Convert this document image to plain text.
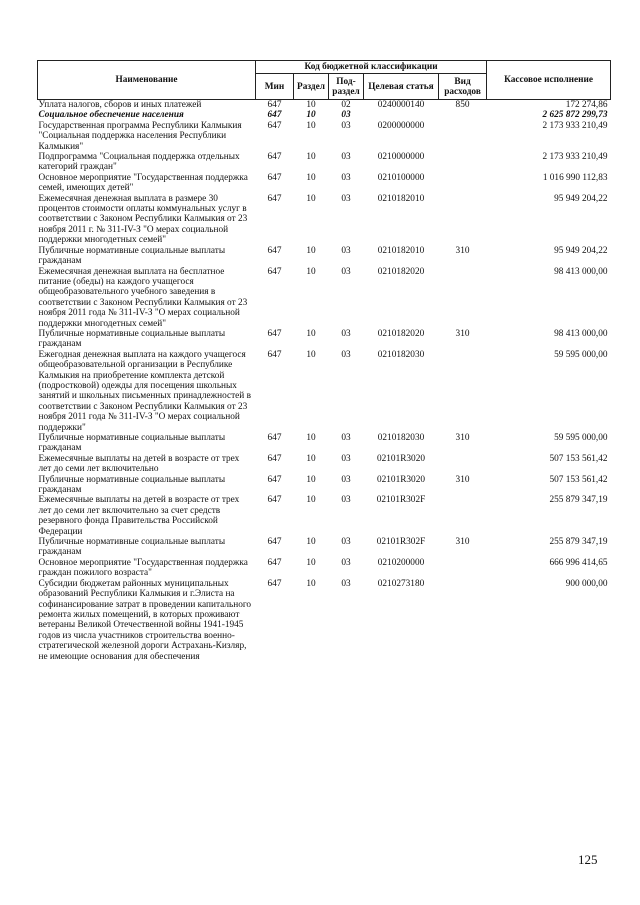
Наименование	Код бюджетной классификации					Кассовое исполнение
	Мин	Раздел	Под-раздел	Целевая статья	Вид расходов	
Уплата налогов, сборов и иных платежей	647	10	02	0240000140	850	172 274,86
Социальное обеспечение населения	647	10	03			2 625 872 299,73
Государственная программа Республики Калмыкия "Социальная поддержка населения Республики Калмыкия"	647	10	03	0200000000		2 173 933 210,49
Подпрограмма "Социальная поддержка отдельных категорий граждан"	647	10	03	0210000000		2 173 933 210,49
Основное мероприятие "Государственная поддержка семей, имеющих детей"	647	10	03	0210100000		1 016 990 112,83
Ежемесячная денежная выплата в размере 30 процентов стоимости оплаты коммунальных услуг в соответствии с Законом Республики Калмыкия от 23 ноября 2011 г. № 311-IV-З "О мерах социальной поддержки многодетных семей"	647	10	03	0210182010		95 949 204,22
Публичные нормативные социальные выплаты гражданам	647	10	03	0210182010	310	95 949 204,22
Ежемесячная денежная выплата на бесплатное питание (обеды) на каждого учащегося общеобразовательного учебного заведения в соответствии с Законом Республики Калмыкия от 23 ноября 2011 года № 311-IV-З "О мерах социальной поддержки многодетных семей"	647	10	03	0210182020		98 413 000,00
Публичные нормативные социальные выплаты гражданам	647	10	03	0210182020	310	98 413 000,00
Ежегодная денежная выплата на каждого учащегося общеобразовательной организации в Республике Калмыкия на приобретение комплекта детской (подростковой) одежды для посещения школьных занятий и школьных письменных принадлежностей в соответствии с Законом Республики Калмыкия от 23 ноября 2011 года № 311-IV-З "О мерах социальной поддержки"	647	10	03	0210182030		59 595 000,00
Публичные нормативные социальные выплаты гражданам	647	10	03	0210182030	310	59 595 000,00
Ежемесячные выплаты на детей в возрасте от трех лет до семи лет включительно	647	10	03	02101R3020		507 153 561,42
Публичные нормативные социальные выплаты гражданам	647	10	03	02101R3020	310	507 153 561,42
Ежемесячные выплаты на детей в возрасте от трех лет до семи лет включительно за счет средств резервного фонда Правительства Российской Федерации	647	10	03	02101R302F		255 879 347,19
Публичные нормативные социальные выплаты гражданам	647	10	03	02101R302F	310	255 879 347,19
Основное мероприятие "Государственная поддержка граждан пожилого возраста"	647	10	03	0210200000		666 996 414,65
Субсидии бюджетам районных муниципальных образований Республики Калмыкия и г.Элиста на софинансирование затрат в проведении капитального ремонта жилых помещений, в которых проживают ветераны Великой Отечественной войны 1941-1945 годов из числа участников строительства военно-стратегической железной дороги Астрахань-Кизляр, не имеющие основания для обеспечения	647	10	03	0210273180		900 000,00
125
